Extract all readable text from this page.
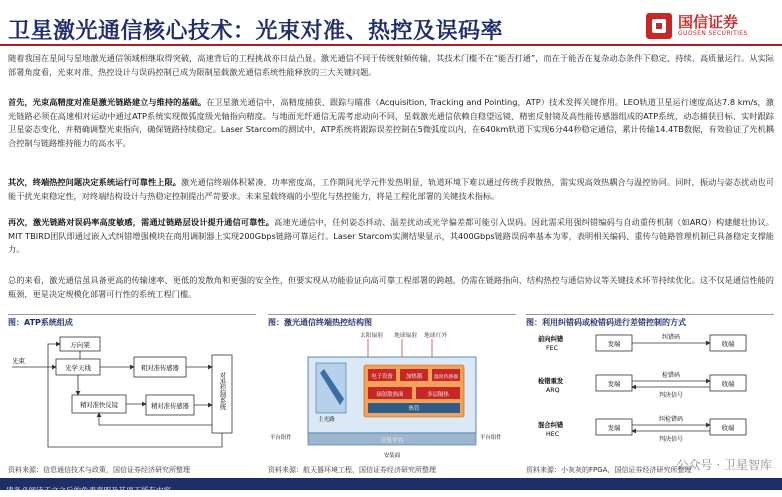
卫星激光通信核心技术：光束对准、热控及误码率	国信证券
GUOSEN SECURITIES
随着我国在星间与星地激光通信领域相继取得突破，高速背后的工程挑战亦日益凸显。激光通信不同于传统射频传输，其技术门槛不在“能否打通”，而在于能否在复杂动态条件下稳定、持续、高质量运行。从实际部署角度看，光束对准、热控设计与误码控制已成为限制星载激光通信系统性能释放的三大关键问题。
首先，光束高精度对准是激光链路建立与维持的基础。在卫星激光通信中，高精度捕获、跟踪与瞄准（Acquisition, Tracking and Pointing，ATP）技术发挥关键作用。LEO轨道卫星运行速度高达7.8 km/s，激光链路必须在高速相对运动中通过ATP系统实现微弧度级光轴指向精度。与地面光纤通信无需考虑动向不同，星载激光通信依赖自稳望远镜、精密反射镜及高性能传感器组成的ATP系统，动态捕获目标、实时跟踪卫星姿态变化，并精确调整光束指向，确保链路持续稳定。Laser Starcom的测试中，ATP系统将跟踪误差控制在5微弧度以内，在640km轨道下实现6分44秒稳定通信，累计传输14.4TB数据，有效验证了光机耦合控制与链路维持能力的高水平。
其次，终端热控问题决定系统运行可靠性上限。激光通信终端体积紧凑、功率密度高，工作期间光学元件发热明显，轨道环境下难以通过传统手段散热，需实现高效热耦合与温控协同。同时，振动与姿态扰动也可能干扰光束稳定性，对终端结构设计与热稳定控制提出严苛要求。未来星载终端的小型化与热控能力，将是工程化部署的关键技术指标。
再次，激光链路对误码率高度敏感，需通过链路层设计提升通信可靠性。高速光通信中，任何姿态抖动、温差扰动或光学偏差都可能引入误码。因此需采用强纠错编码与自动重传机制（如ARQ）构建健壮协议。MIT TBIRD团队即通过嵌入式纠错增强模块在商用调制器上实现200Gbps链路可靠运行。Laser Starcom实测结果显示，其400Gbps链路误码率基本为零，表明相关编码、重传与链路管理机制已具备稳定支撑能力。
总的来看，激光通信虽具备更高的传输速率、更低的发散角和更强的安全性，但要实现从功能验证向高可靠工程部署的跨越，仍需在链路指向、结构热控与通信协议等关键技术环节持续优化。这不仅是通信性能的瓶颈，更是决定规模化部署可行性的系统工程门槛。
图：ATP系统组成
万向架
光束
光学天线	粗对准传感器
精对准快反镜	精对准传感器	对准控制系统
资料来源：信息通信技术与政策，国信证券经济研究所整理
图：激光通信终端热控结构图
卫星平台
太阳辐射 地球辐射 地球红外
主光路
电子设备 加热器 温度传感器
辐射散热面	多层隔热
热管
平台组件	平台组件
安装面
资料来源：航天器环境工程，国信证券经济研究所整理
图：利用纠错码或检错码进行差错控制的方式
前向纠错
FEC
发端
纠错码
收端
检错重发
ARQ
发端
检错码
判决信号
收端
混合纠错
HEC
发端
纠检错码
判决信号
收端
资料来源：小灰灰的FPGA，国信证券经济研究所整理
公众号 · 卫星智库
请务必阅读正文之后的免责声明及其项下所有内容
